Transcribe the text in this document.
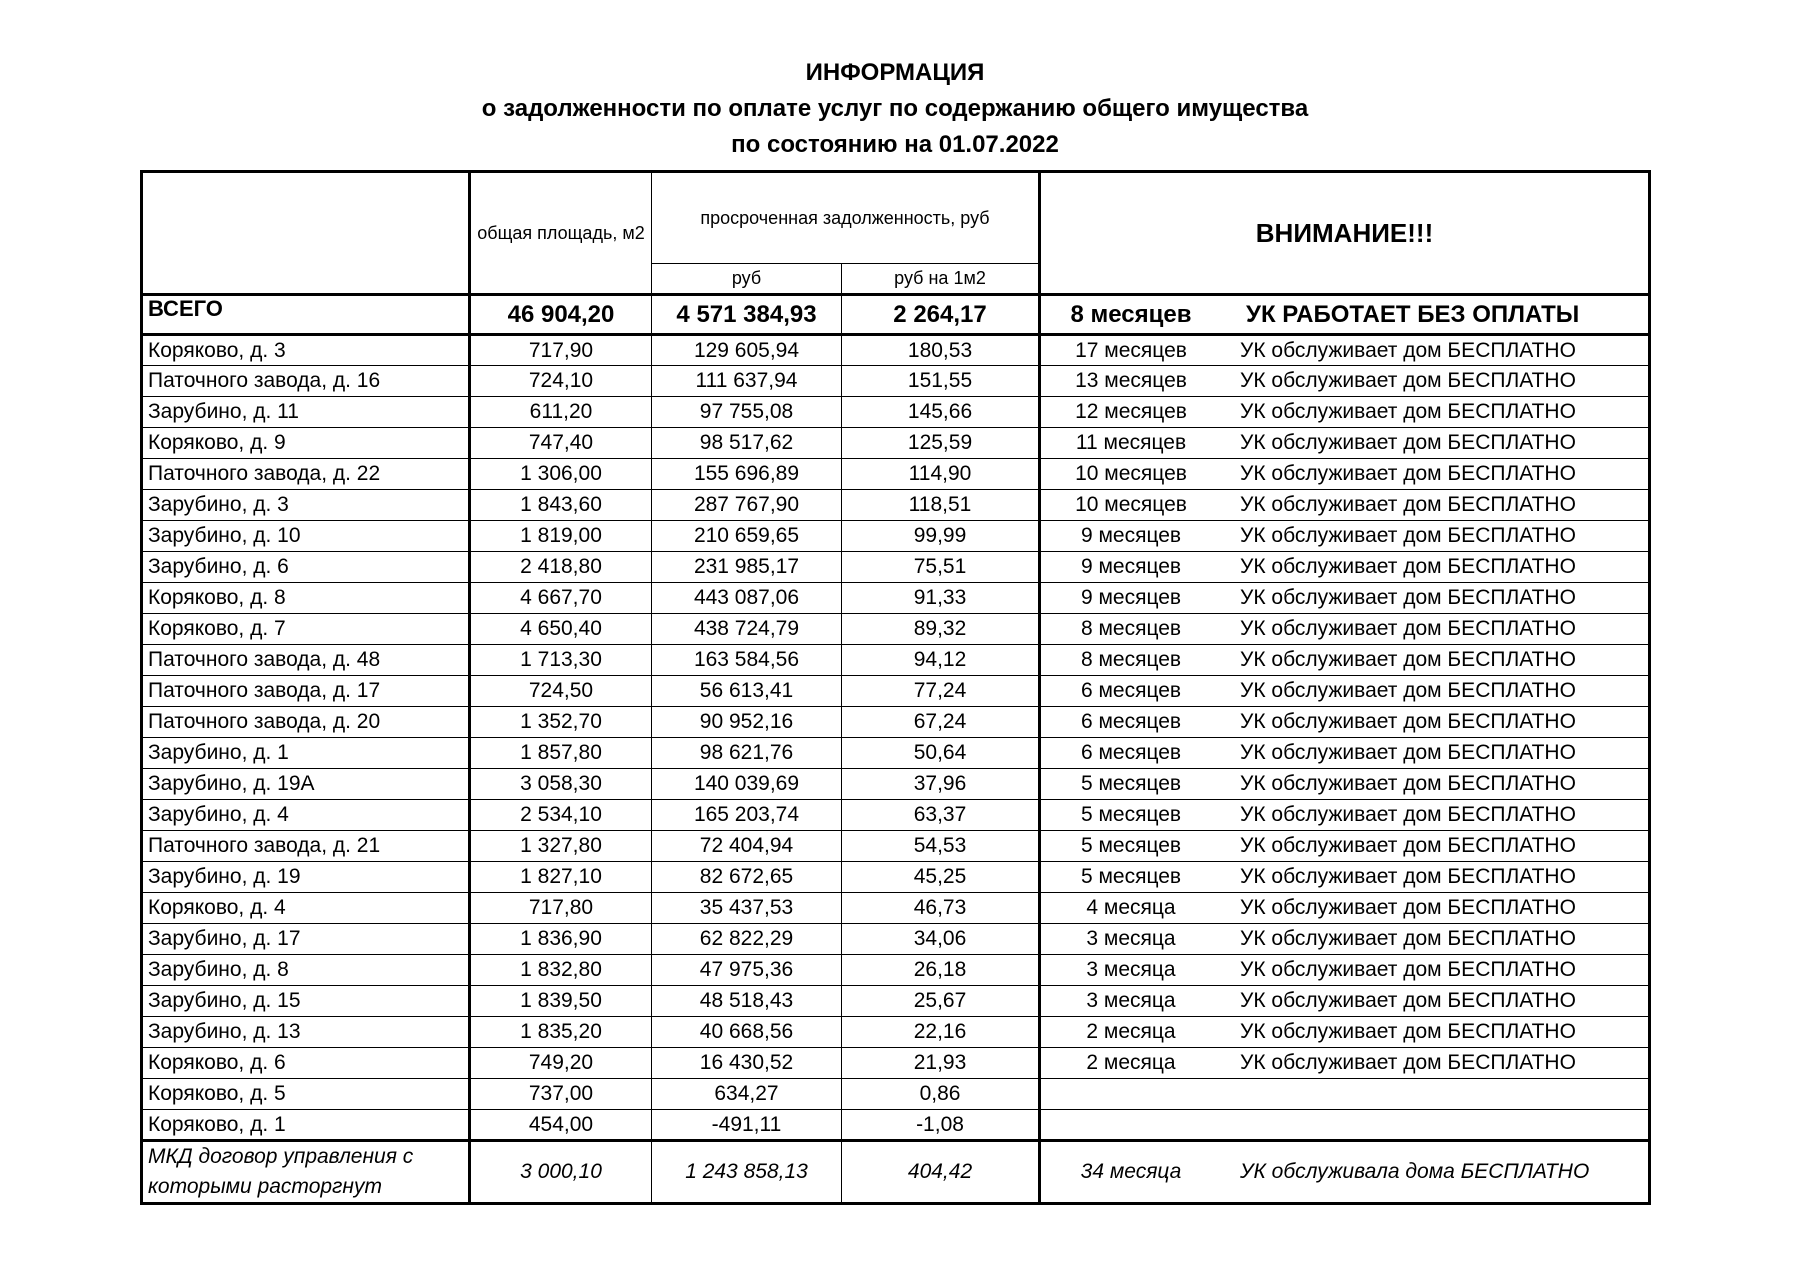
ИНФОРМАЦИЯ
о задолженности по оплате услуг по содержанию общего имущества
по состоянию на 01.07.2022
	общая площадь, м2	просроченная задолженность, руб		ВНИМАНИЕ!!!
		руб	руб на 1м2	
ВСЕГО	46 904,20	4 571 384,93	2 264,17	8 месяцев УК РАБОТАЕТ БЕЗ ОПЛАТЫ
Коряково, д. 3	717,90	129 605,94	180,53	17 месяцев УК обслуживает дом БЕСПЛАТНО
Паточного завода, д. 16	724,10	111 637,94	151,55	13 месяцев УК обслуживает дом БЕСПЛАТНО
Зарубино, д. 11	611,20	97 755,08	145,66	12 месяцев УК обслуживает дом БЕСПЛАТНО
Коряково, д. 9	747,40	98 517,62	125,59	11 месяцев УК обслуживает дом БЕСПЛАТНО
Паточного завода, д. 22	1 306,00	155 696,89	114,90	10 месяцев УК обслуживает дом БЕСПЛАТНО
Зарубино, д. 3	1 843,60	287 767,90	118,51	10 месяцев УК обслуживает дом БЕСПЛАТНО
Зарубино, д. 10	1 819,00	210 659,65	99,99	9 месяцев УК обслуживает дом БЕСПЛАТНО
Зарубино, д. 6	2 418,80	231 985,17	75,51	9 месяцев УК обслуживает дом БЕСПЛАТНО
Коряково, д. 8	4 667,70	443 087,06	91,33	9 месяцев УК обслуживает дом БЕСПЛАТНО
Коряково, д. 7	4 650,40	438 724,79	89,32	8 месяцев УК обслуживает дом БЕСПЛАТНО
Паточного завода, д. 48	1 713,30	163 584,56	94,12	8 месяцев УК обслуживает дом БЕСПЛАТНО
Паточного завода, д. 17	724,50	56 613,41	77,24	6 месяцев УК обслуживает дом БЕСПЛАТНО
Паточного завода, д. 20	1 352,70	90 952,16	67,24	6 месяцев УК обслуживает дом БЕСПЛАТНО
Зарубино, д. 1	1 857,80	98 621,76	50,64	6 месяцев УК обслуживает дом БЕСПЛАТНО
Зарубино, д. 19А	3 058,30	140 039,69	37,96	5 месяцев УК обслуживает дом БЕСПЛАТНО
Зарубино, д. 4	2 534,10	165 203,74	63,37	5 месяцев УК обслуживает дом БЕСПЛАТНО
Паточного завода, д. 21	1 327,80	72 404,94	54,53	5 месяцев УК обслуживает дом БЕСПЛАТНО
Зарубино, д. 19	1 827,10	82 672,65	45,25	5 месяцев УК обслуживает дом БЕСПЛАТНО
Коряково, д. 4	717,80	35 437,53	46,73	4 месяца УК обслуживает дом БЕСПЛАТНО
Зарубино, д. 17	1 836,90	62 822,29	34,06	3 месяца УК обслуживает дом БЕСПЛАТНО
Зарубино, д. 8	1 832,80	47 975,36	26,18	3 месяца УК обслуживает дом БЕСПЛАТНО
Зарубино, д. 15	1 839,50	48 518,43	25,67	3 месяца УК обслуживает дом БЕСПЛАТНО
Зарубино, д. 13	1 835,20	40 668,56	22,16	2 месяца УК обслуживает дом БЕСПЛАТНО
Коряково, д. 6	749,20	16 430,52	21,93	2 месяца УК обслуживает дом БЕСПЛАТНО
Коряково, д. 5	737,00	634,27	0,86	
Коряково, д. 1	454,00	-491,11	-1,08	
МКД договор управления с которыми расторгнут	3 000,10	1 243 858,13	404,42	34 месяца УК обслуживала дома БЕСПЛАТНО
